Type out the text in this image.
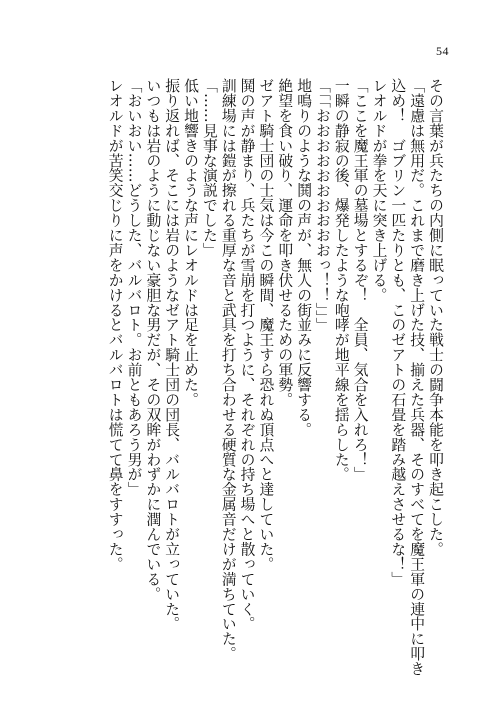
54
その言葉が兵たちの内側に眠っていた戦士の闘争本能を叩き起こした。
「遠慮は無用だ。これまで磨き上げた技、揃えた兵器、そのすべてを魔王軍の連中に叩き
込め！　ゴブリン一匹たりとも、このゼアトの石畳を踏み越えさせるな！」
レオルドが拳を天に突き上げる。
「ここを魔王軍の墓場とするぞ！　全員、気合を入れろ！」
一瞬の静寂の後、爆発したような咆哮が地平線を揺らした。
「「「おおおおおおおおおおっ！！」」」
地鳴りのような鬨の声が、無人の街並みに反響する。
絶望を食い破り、運命を叩き伏せるための軍勢。
ゼアト騎士団の士気は今この瞬間、魔王すら恐れぬ頂点へと達していた。
鬨の声が静まり、兵たちが雪崩を打つように、それぞれの持ち場へと散っていく。
訓練場には鎧が擦れる重厚な音と武具を打ち合わせる硬質な金属音だけが満ちていた。
「……見事な演説でした」
低い地響きのような声にレオルドは足を止めた。
振り返れば、そこには岩のようなゼアト騎士団の団長、バルバロトが立っていた。
いつもは岩のように動じない豪胆な男だが、その双眸がわずかに潤んでいる。
「おいおい……どうした、バルバロト。お前ともあろう男が」
レオルドが苦笑交じりに声をかけるとバルバロトは慌てて鼻をすすった。
